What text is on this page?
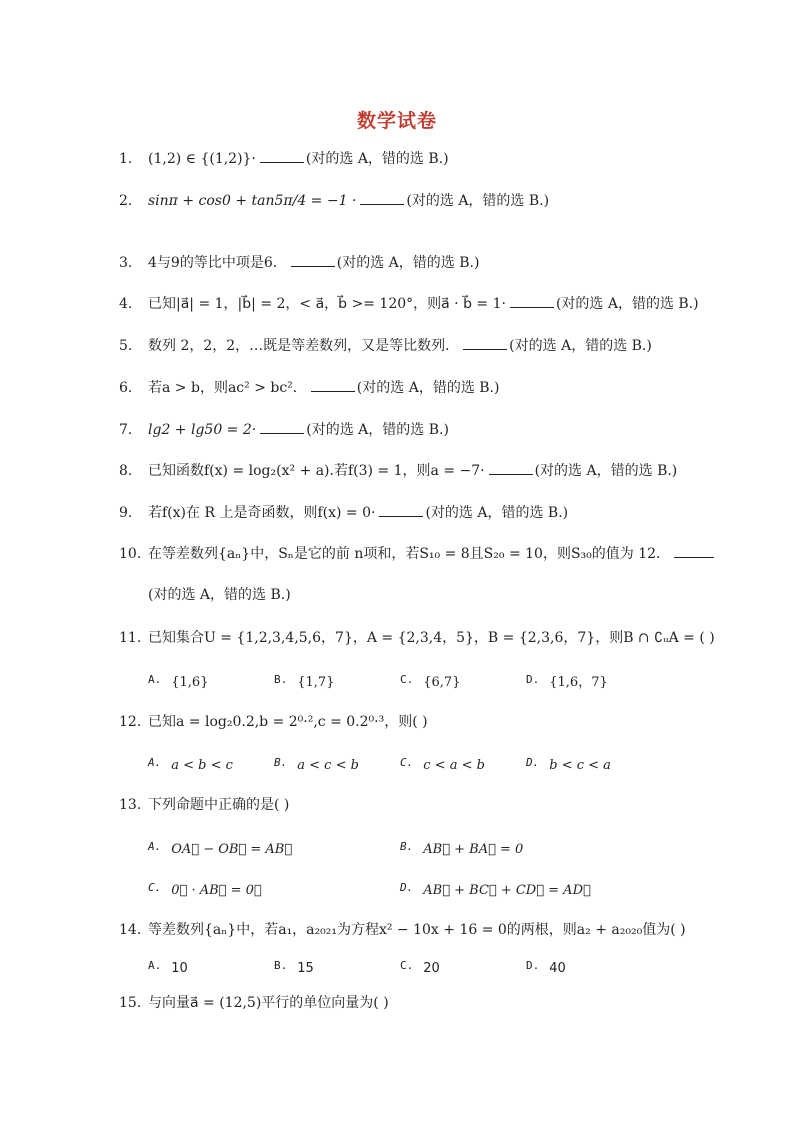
数学试卷
1. (1,2) ∈ {(1,2)}·	(对的选 A，错的选 B.)
2. sinπ + cos0 + tan5π/4 = −1 ·	(对的选 A，错的选 B.)
3. 4与9的等比中项是6．	(对的选 A，错的选 B.)
4. 已知|a⃗| = 1，|b⃗| = 2，< a⃗，b⃗ >= 120°，则a⃗ · b⃗ = 1·	(对的选 A，错的选 B.)
5. 数列 2，2，2，…既是等差数列，又是等比数列．	(对的选 A，错的选 B.)
6. 若a > b，则ac² > bc²．	(对的选 A，错的选 B.)
7. lg2 + lg50 = 2·	(对的选 A，错的选 B.)
8. 已知函数f(x) = log₂(x² + a).若f(3) = 1，则a = −7·	(对的选 A，错的选 B.)
9. 若f(x)在 R 上是奇函数，则f(x) = 0·	(对的选 A，错的选 B.)
10. 在等差数列{aₙ}中，Sₙ是它的前 n项和，若S₁₀ = 8且S₂₀ = 10，则S₃₀的值为 12．
(对的选 A，错的选 B.)
11. 已知集合U = {1,2,3,4,5,6，7}，A = {2,3,4，5}，B = {2,3,6，7}，则B ∩ ∁ᵤA = ( )
$^{A.}$ {1,6}	$^{B.}$ {1,7}	$^{C.}$ {6,7}	$^{D.}$ {1,6，7}
12. 已知a = log₂0.2,b = 2⁰·²,c = 0.2⁰·³，则( )
$^{A.}$ a < b < c	$^{B.}$ a < c < b	$^{C.}$ c < a < b	$^{D.}$ b < c < a
13. 下列命题中正确的是( )
$^{A.}$ OA⃗ − OB⃗ = AB⃗	$^{B.}$ AB⃗ + BA⃗ = 0
$^{C.}$ 0⃗ · AB⃗ = 0⃗	$^{D.}$ AB⃗ + BC⃗ + CD⃗ = AD⃗
14. 等差数列{aₙ}中，若a₁，a₂₀₂₁为方程x² − 10x + 16 = 0的两根，则a₂ + a₂₀₂₀值为( )
$^{A.}$ 10	$^{B.}$ 15	$^{C.}$ 20	$^{D.}$ 40
15. 与向量a⃗ = (12,5)平行的单位向量为( )
